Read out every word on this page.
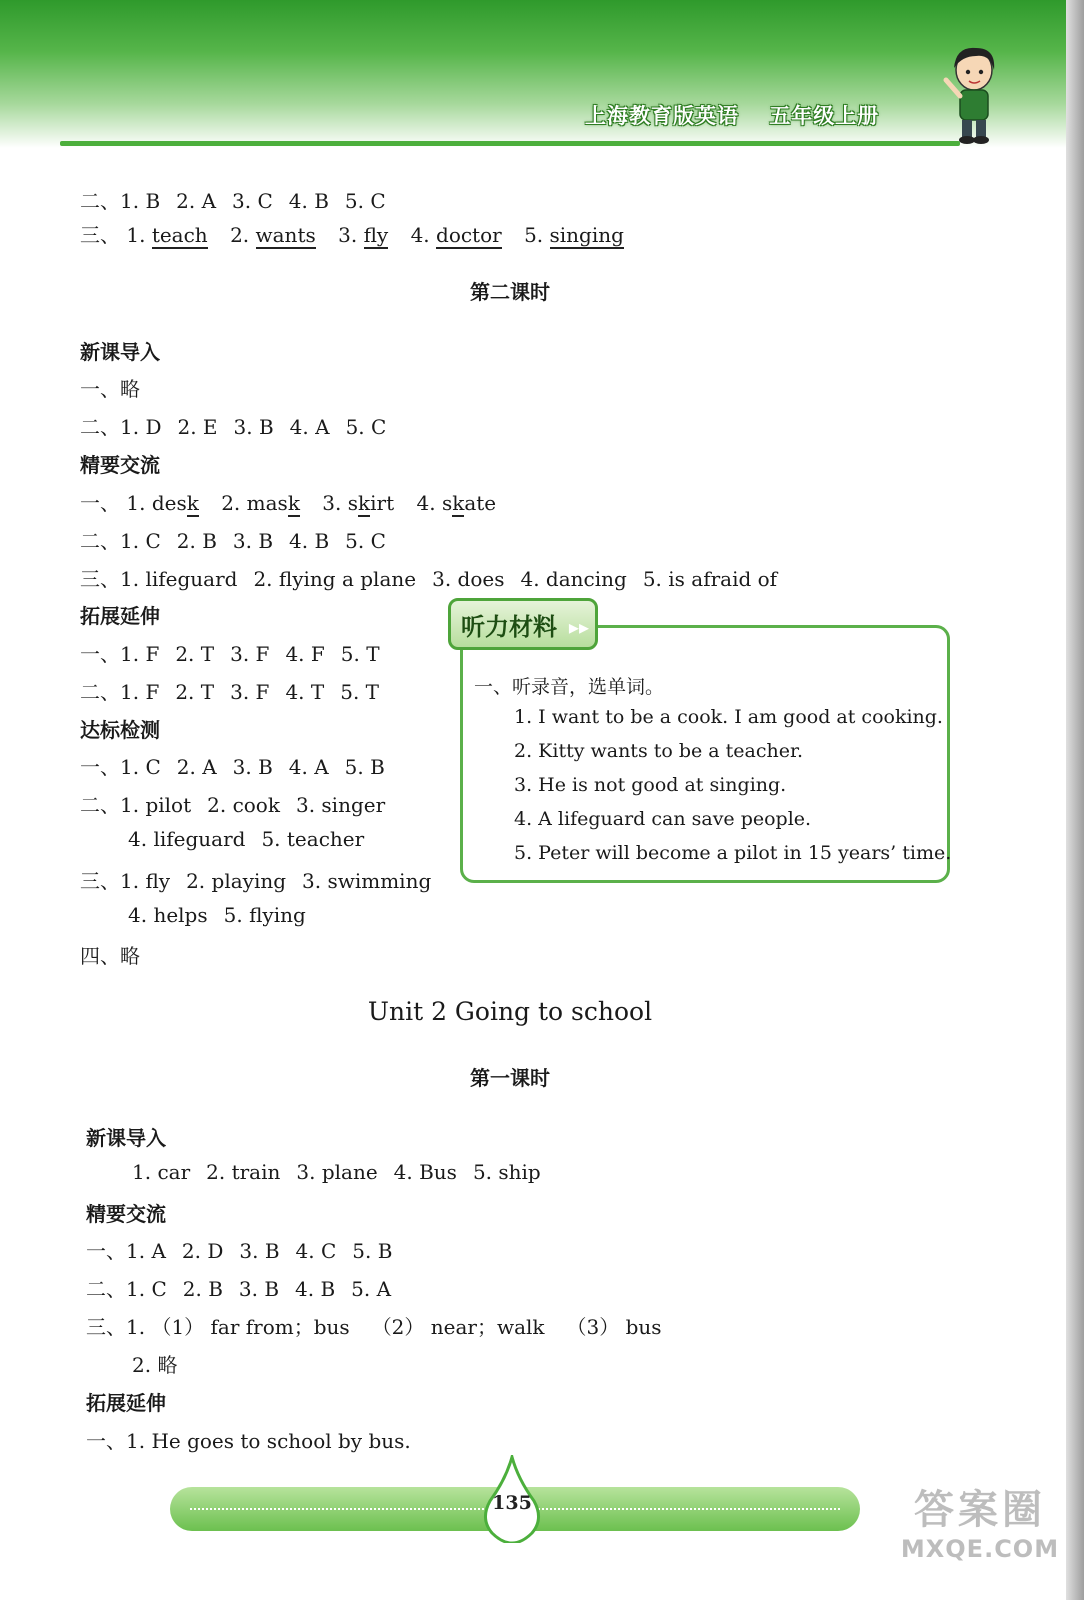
上海教育版英语 五年级上册
二、1. B 2. A 3. C 4. B 5. C
三、 1. teach 2. wants 3. fly 4. doctor 5. singing
第二课时
新课导入
一、略
二、1. D 2. E 3. B 4. A 5. C
精要交流
一、 1. desk 2. mask 3. skirt 4. skate
二、1. C 2. B 3. B 4. B 5. C
三、1. lifeguard 2. flying a plane 3. does 4. dancing 5. is afraid of
拓展延伸
一、1. F 2. T 3. F 4. F 5. T
二、1. F 2. T 3. F 4. T 5. T
达标检测
一、1. C 2. A 3. B 4. A 5. B
二、1. pilot 2. cook 3. singer
4. lifeguard 5. teacher
三、1. fly 2. playing 3. swimming
4. helps 5. flying
四、略
听力材料 ▸▸
一、听录音，选单词。
1. I want to be a cook. I am good at cooking.
2. Kitty wants to be a teacher.
3. He is not good at singing.
4. A lifeguard can save people.
5. Peter will become a pilot in 15 years’ time.
Unit 2 Going to school
第一课时
新课导入
1. car 2. train 3. plane 4. Bus 5. ship
精要交流
一、1. A 2. D 3. B 4. C 5. B
二、1. C 2. B 3. B 4. B 5. A
三、1. （1） far from；bus （2） near；walk （3） bus
2. 略
拓展延伸
一、1. He goes to school by bus.
135	答案圈
MXQE.COM
